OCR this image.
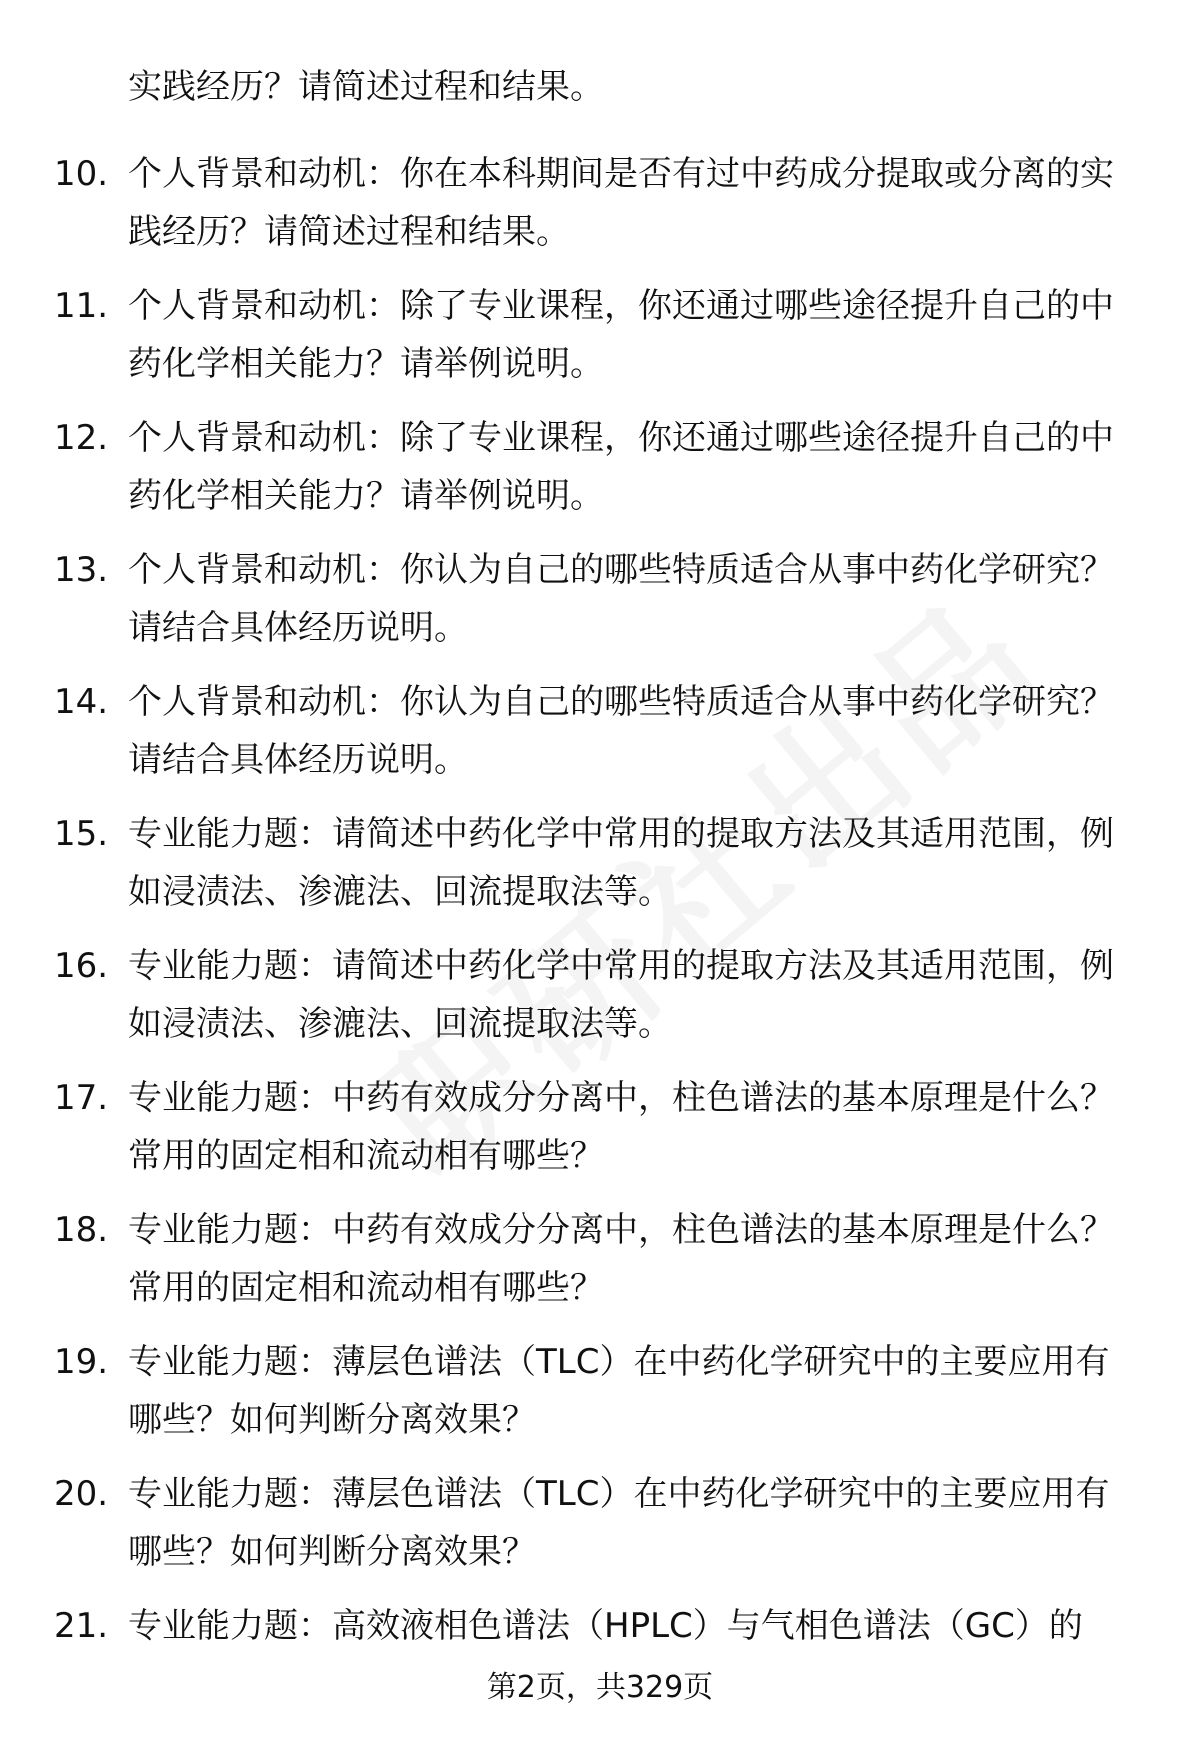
实践经历？请简述过程和结果。
10. 个人背景和动机：你在本科期间是否有过中药成分提取或分离的实践经历？请简述过程和结果。
11. 个人背景和动机：除了专业课程，你还通过哪些途径提升自己的中药化学相关能力？请举例说明。
12. 个人背景和动机：除了专业课程，你还通过哪些途径提升自己的中药化学相关能力？请举例说明。
13. 个人背景和动机：你认为自己的哪些特质适合从事中药化学研究？请结合具体经历说明。
14. 个人背景和动机：你认为自己的哪些特质适合从事中药化学研究？请结合具体经历说明。
15. 专业能力题：请简述中药化学中常用的提取方法及其适用范围，例如浸渍法、渗漉法、回流提取法等。
16. 专业能力题：请简述中药化学中常用的提取方法及其适用范围，例如浸渍法、渗漉法、回流提取法等。
17. 专业能力题：中药有效成分分离中，柱色谱法的基本原理是什么？常用的固定相和流动相有哪些？
18. 专业能力题：中药有效成分分离中，柱色谱法的基本原理是什么？常用的固定相和流动相有哪些？
19. 专业能力题：薄层色谱法（TLC）在中药化学研究中的主要应用有哪些？如何判断分离效果？
20. 专业能力题：薄层色谱法（TLC）在中药化学研究中的主要应用有哪些？如何判断分离效果？
21. 专业能力题：高效液相色谱法（HPLC）与气相色谱法（GC）的
第2页，共329页
